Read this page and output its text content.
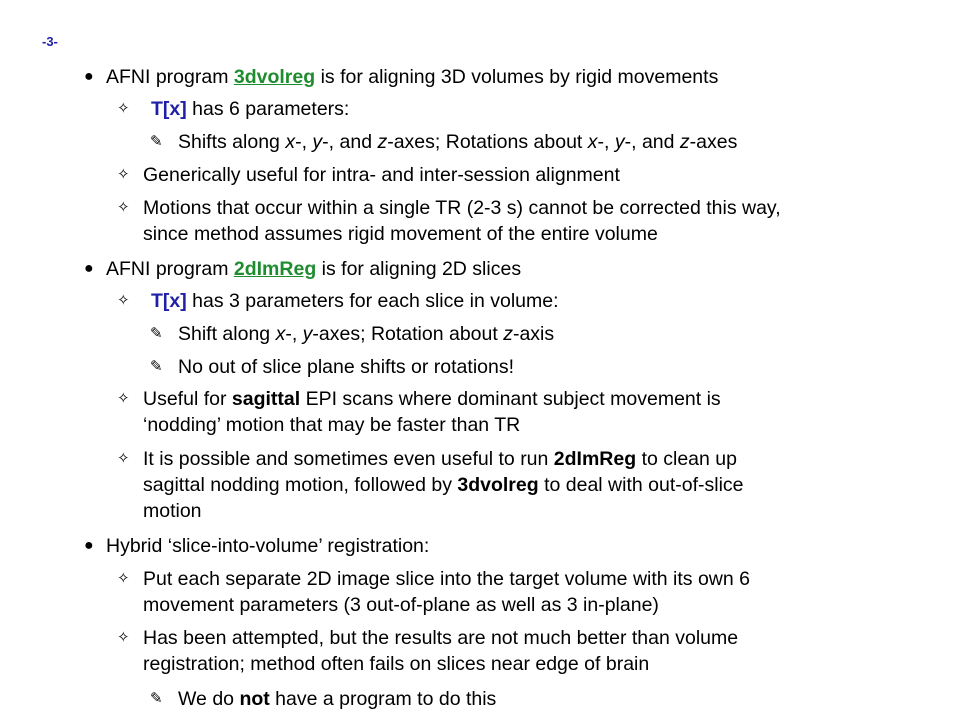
-3-
● AFNI program 3dvolreg is for aligning 3D volumes by rigid movements
✧ T[x] has 6 parameters:
✎ Shifts along x-, y-, and z-axes; Rotations about x-, y-, and z-axes
✧ Generically useful for intra- and inter-session alignment
✧ Motions that occur within a single TR (2-3 s) cannot be corrected this way,
since method assumes rigid movement of the entire volume
● AFNI program 2dImReg is for aligning 2D slices
✧ T[x] has 3 parameters for each slice in volume:
✎ Shift along x-, y-axes; Rotation about z-axis
✎ No out of slice plane shifts or rotations!
✧ Useful for sagittal EPI scans where dominant subject movement is
‘nodding’ motion that may be faster than TR
✧ It is possible and sometimes even useful to run 2dImReg to clean up
sagittal nodding motion, followed by 3dvolreg to deal with out-of-slice
motion
● Hybrid ‘slice-into-volume’ registration:
✧ Put each separate 2D image slice into the target volume with its own 6
movement parameters (3 out-of-plane as well as 3 in-plane)
✧ Has been attempted, but the results are not much better than volume
registration; method often fails on slices near edge of brain
✎ We do not have a program to do this
